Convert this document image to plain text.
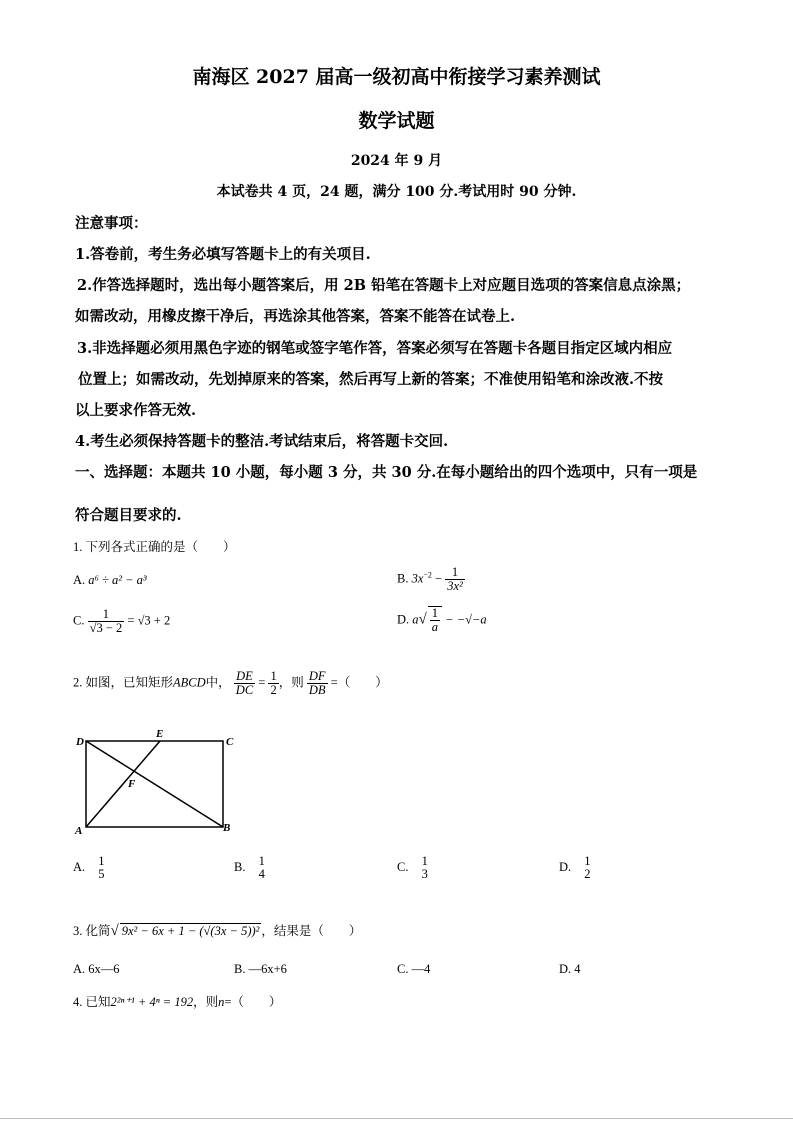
南海区 2027 届高一级初高中衔接学习素养测试
数学试题
2024 年 9 月
本试卷共 4 页，24 题，满分 100 分.考试用时 90 分钟.
注意事项：
1.答卷前，考生务必填写答题卡上的有关项目.
2.作答选择题时，选出每小题答案后，用 2B 铅笔在答题卡上对应题目选项的答案信息点涂黑；
如需改动，用橡皮擦干净后，再选涂其他答案，答案不能答在试卷上.
3.非选择题必须用黑色字迹的钢笔或签字笔作答，答案必须写在答题卡各题目指定区域内相应
位置上；如需改动，先划掉原来的答案，然后再写上新的答案；不准使用铅笔和涂改液.不按
以上要求作答无效.
4.考生必须保持答题卡的整洁.考试结束后，将答题卡交回.
一、选择题：本题共 10 小题，每小题 3 分，共 30 分.在每小题给出的四个选项中，只有一项是
符合题目要求的.
1. 下列各式正确的是（　　）
A. a⁶ ÷ a² − a³	B. $3x^{-2} - \frac{1}{\text{3x²}}$
C. $\frac{1}{√3 - 2} = √3 + 2$	D. $a√ \frac{1}{a} - -√-a$
2. 如图，已知矩形ABCD中， $\frac{DE}{DC} = \frac{1}{2}$ ，则 $\frac{DF}{DB}$ =（　　）
D
E
C
F
A	B
A. 1
5
B. 1
4
C. 1
3
D. 1
2
3. 化简√ 9x² − 6x + 1 − (√(3x − 5))² ，结果是（　　）
A. 6x—6	B. —6x+6	C. —4	D. 4
4. 已知2²ⁿ⁺¹ + 4ⁿ = 192，则n=（　　）
